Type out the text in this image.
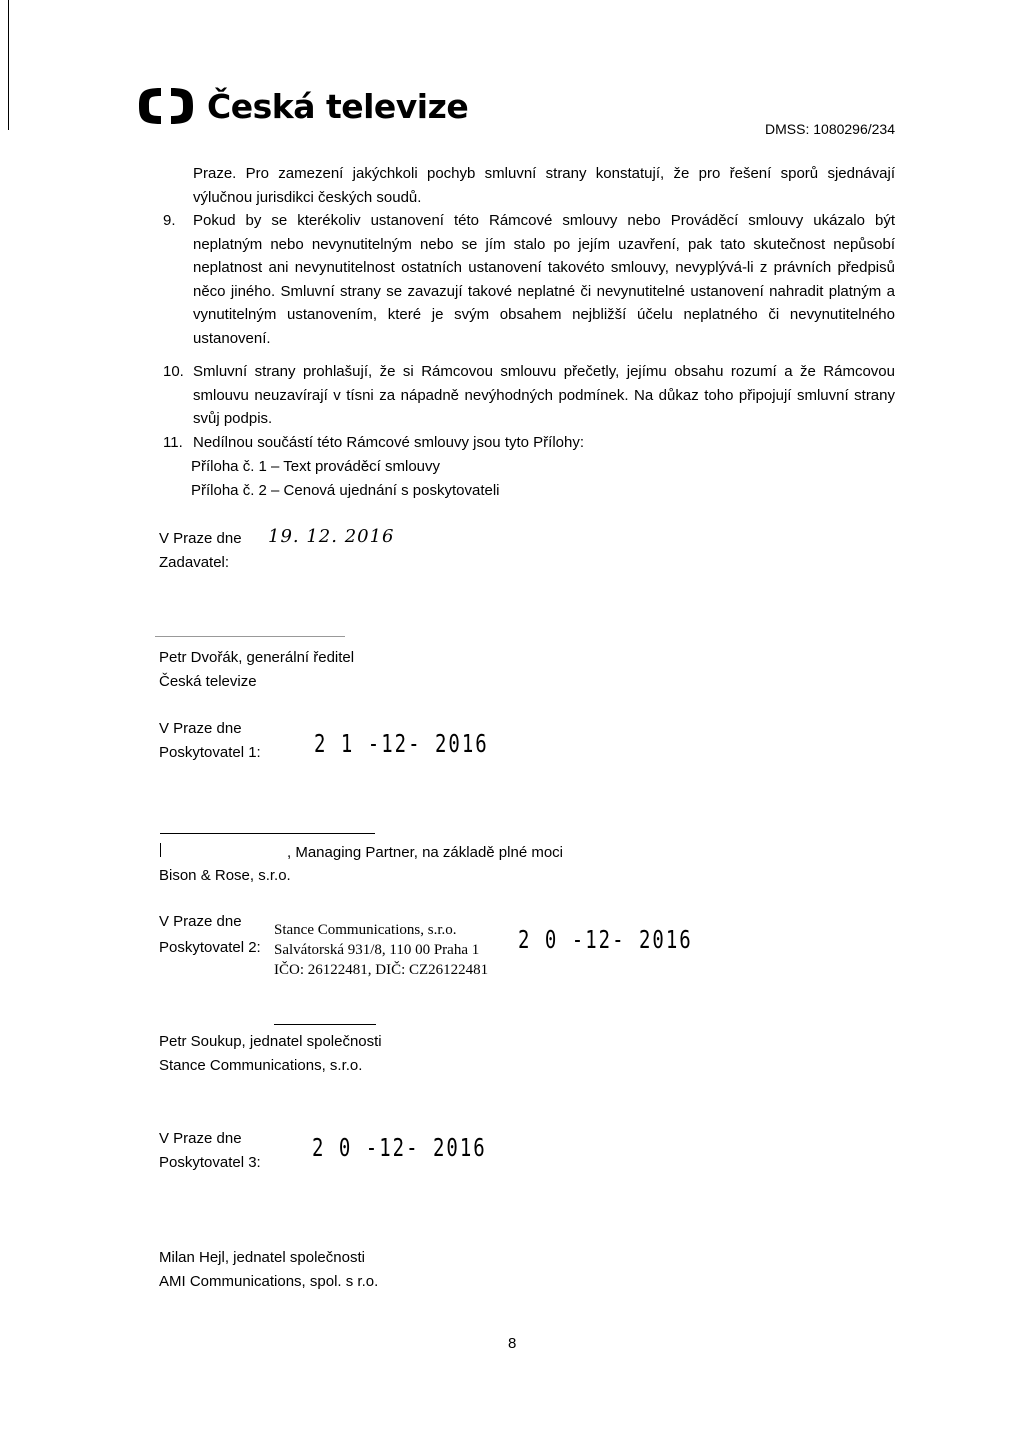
Česká televize
DMSS: 1080296/234
Praze. Pro zamezení jakýchkoli pochyb smluvní strany konstatují, že pro řešení sporů sjednávají výlučnou jurisdikci českých soudů.
9. Pokud by se kterékoliv ustanovení této Rámcové smlouvy nebo Prováděcí smlouvy ukázalo být neplatným nebo nevynutitelným nebo se jím stalo po jejím uzavření, pak tato skutečnost nepůsobí neplatnost ani nevynutitelnost ostatních ustanovení takovéto smlouvy, nevyplývá-li z právních předpisů něco jiného. Smluvní strany se zavazují takové neplatné či nevynutitelné ustanovení nahradit platným a vynutitelným ustanovením, které je svým obsahem nejbližší účelu neplatného či nevynutitelného ustanovení.
10. Smluvní strany prohlašují, že si Rámcovou smlouvu přečetly, jejímu obsahu rozumí a že Rámcovou smlouvu neuzavírají v tísni za nápadně nevýhodných podmínek. Na důkaz toho připojují smluvní strany svůj podpis.
11. Nedílnou součástí této Rámcové smlouvy jsou tyto Přílohy:
Příloha č. 1 – Text prováděcí smlouvy
Příloha č. 2 – Cenová ujednání s poskytovateli
V Praze dne 19. 12. 2016
Zadavatel:
Petr Dvořák, generální ředitel
Česká televize
V Praze dne
Poskytovatel 1:	2 1 -12- 2016
, Managing Partner, na základě plné moci
Bison & Rose, s.r.o.
V Praze dne
Poskytovatel 2:
Stance Communications, s.r.o.
Salvátorská 931/8, 110 00 Praha 1
IČO: 26122481, DIČ: CZ26122481
2 0 -12- 2016
Petr Soukup, jednatel společnosti
Stance Communications, s.r.o.
V Praze dne
Poskytovatel 3:	2 0 -12- 2016
Milan Hejl, jednatel společnosti
AMI Communications, spol. s r.o.
8
